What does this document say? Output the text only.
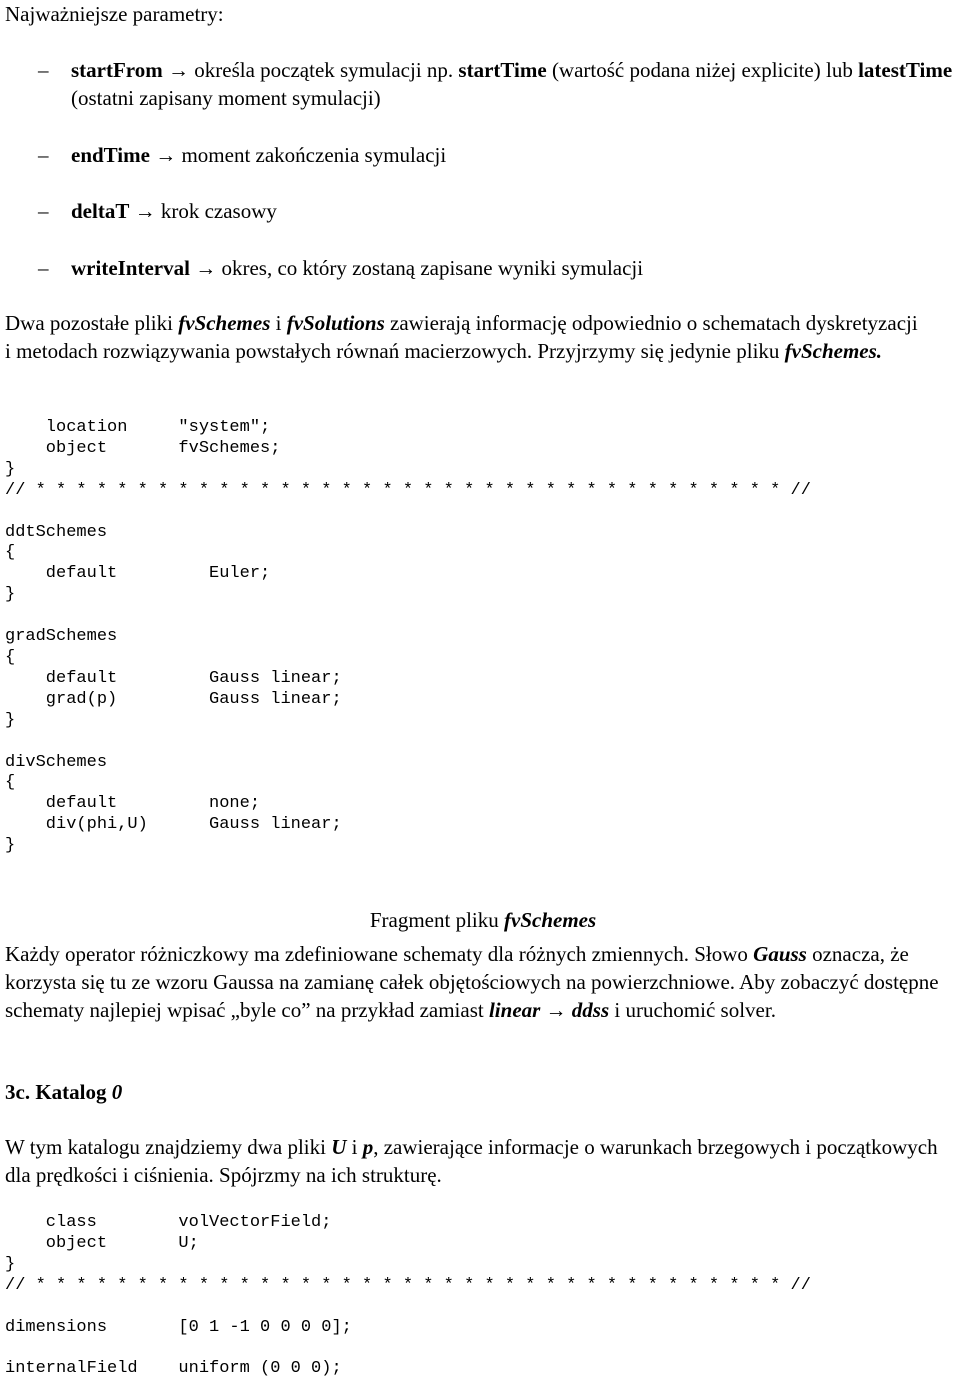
Najważniejsze parametry:

– startFrom → określa początek symulacji np. startTime (wartość podana niżej explicite) lub latestTime (ostatni zapisany moment symulacji)
– endTime → moment zakończenia symulacji
– deltaT → krok czasowy
– writeInterval → okres, co który zostaną zapisane wyniki symulacji

Dwa pozostałe pliki fvSchemes i fvSolutions zawierają informację odpowiednio o schematach dyskretyzacji i metodach rozwiązywania powstałych równań macierzowych. Przyjrzymy się jedynie pliku fvSchemes.

location     "system";
object       fvSchemes;
}
// * * * * * * * * * * * * * * * * * * * * * * * * * * * * * * * * * * * * * //

ddtSchemes
{
default         Euler;
}

gradSchemes
{
default         Gauss linear;
grad(p)         Gauss linear;
}

divSchemes
{
default         none;
div(phi,U)      Gauss linear;
}

Fragment pliku fvSchemes

Każdy operator różniczkowy ma zdefiniowane schematy dla różnych zmiennych. Słowo Gauss oznacza, że korzysta się tu ze wzoru Gaussa na zamianę całek objętościowych na powierzchniowe. Aby zobaczyć dostępne schematy najlepiej wpisać „byle co” na przykład zamiast linear → ddss i uruchomić solver.

3c. Katalog 0

W tym katalogu znajdziemy dwa pliki U i p, zawierające informacje o warunkach brzegowych i początkowych dla prędkości i ciśnienia. Spójrzmy na ich strukturę.

class        volVectorField;
object       U;
}
// * * * * * * * * * * * * * * * * * * * * * * * * * * * * * * * * * * * * * //

dimensions       [0 1 -1 0 0 0 0];

internalField    uniform (0 0 0);
